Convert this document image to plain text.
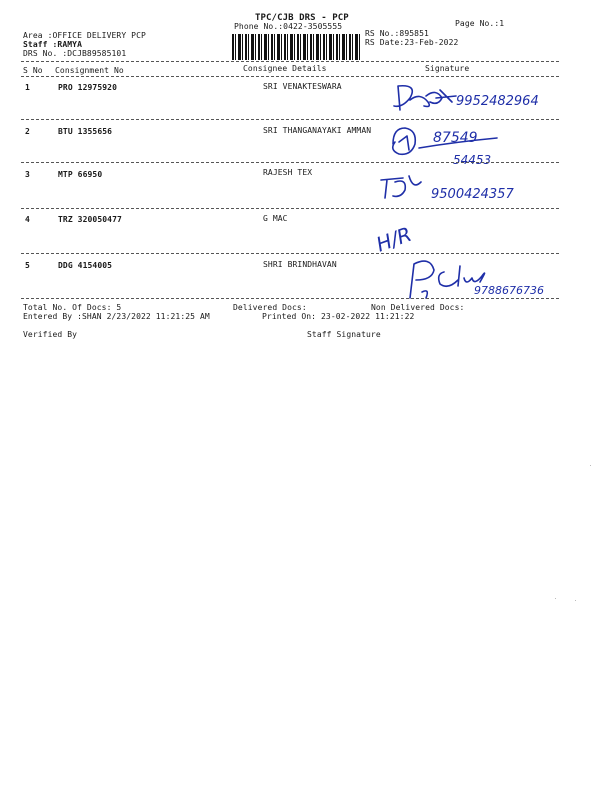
TPC/CJB DRS - PCP
Phone No.:0422-3505555	Page No.:1
Area :OFFICE DELIVERY PCP
Staff :RAMYA
DRS No. :DCJB89585101
RS No.:895851
RS Date:23-Feb-2022
S No Consignment No	Consignee Details	Signature
1	PRO 12975920	SRI VENAKTESWARA
9952482964
2	BTU 1355656	SRI THANGANAYAKI AMMAN	87549
54453
3	MTP 66950	RAJESH TEX
9500424357
4	TRZ 320050477	G MAC
H/R
5	DDG 4154005	SHRI BRINDHAVAN
9788676736
Total No. Of Docs: 5	Delivered Docs:	Non Delivered Docs:
Entered By :SHAN 2/23/2022 11:21:25 AM	Printed On: 23-02-2022 11:21:22
Verified By	Staff Signature
